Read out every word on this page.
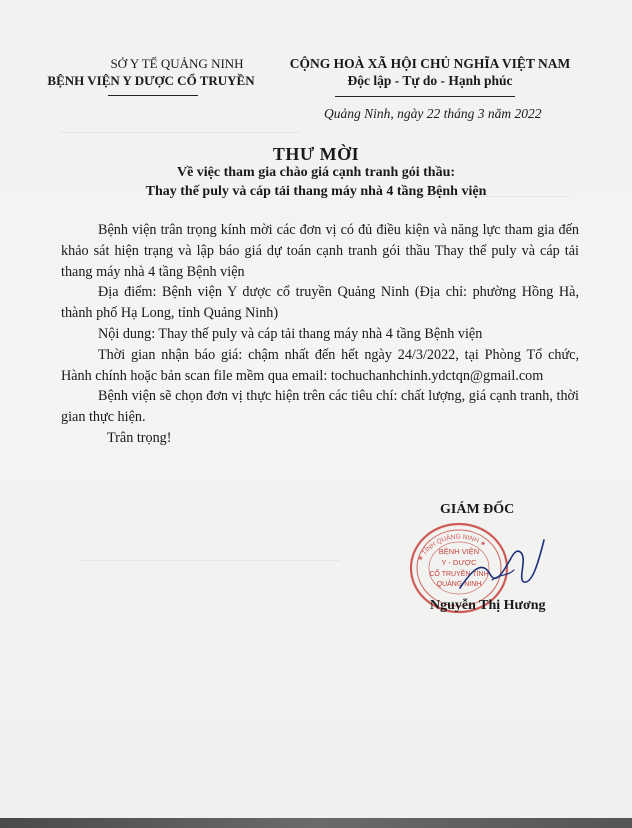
SỞ Y TẾ QUẢNG NINH
BỆNH VIỆN Y DƯỢC CỔ TRUYỀN
CỘNG HOÀ XÃ HỘI CHỦ NGHĨA VIỆT NAM
Độc lập - Tự do - Hạnh phúc
Quảng Ninh, ngày 22 tháng 3 năm 2022
THƯ MỜI
Về việc tham gia chào giá cạnh tranh gói thầu:
Thay thế puly và cáp tải thang máy nhà 4 tầng Bệnh viện

Bệnh viện trân trọng kính mời các đơn vị có đủ điều kiện và năng lực tham gia đến khảo sát hiện trạng và lập báo giá dự toán cạnh tranh gói thầu Thay thế puly và cáp tải thang máy nhà 4 tầng Bệnh viện

Địa điểm: Bệnh viện Y dược cổ truyền Quảng Ninh (Địa chỉ: phường Hồng Hà, thành phố Hạ Long, tỉnh Quảng Ninh)

Nội dung: Thay thế puly và cáp tải thang máy nhà 4 tầng Bệnh viện

Thời gian nhận báo giá: chậm nhất đến hết ngày 24/3/2022, tại Phòng Tổ chức, Hành chính hoặc bản scan file mềm qua email: tochuchanhchinh.ydctqn@gmail.com

Bệnh viện sẽ chọn đơn vị thực hiện trên các tiêu chí: chất lượng, giá cạnh tranh, thời gian thực hiện.

Trân trọng!

GIÁM ĐỐC
★ TỈNH QUẢNG NINH ★
BỆNH VIỆN
Y - DƯỢC
CỔ TRUYỀN TỈNH
QUẢNG NINH
Nguyễn Thị Hương
